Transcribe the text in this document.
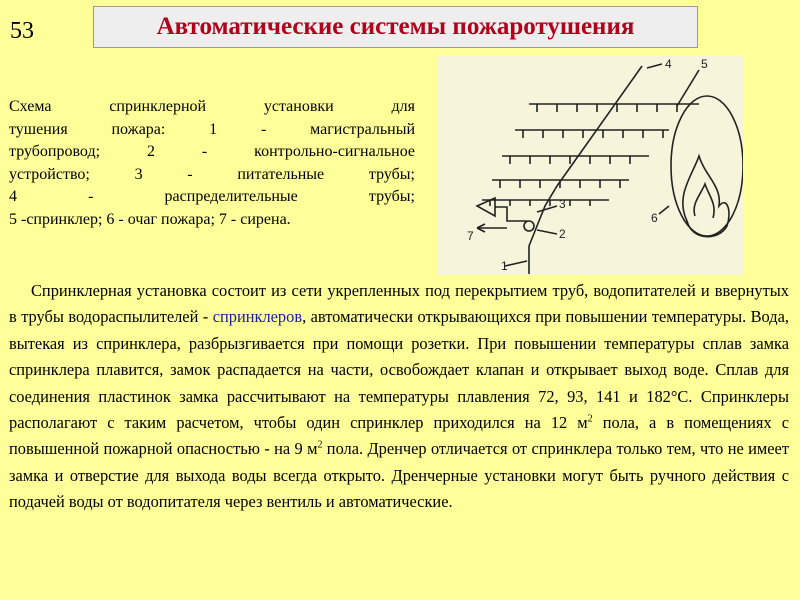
53	Автоматические системы пожаротушения
Схема спринклерной установки для
тушения пожара: 1 - магистральный
трубопровод; 2 - контрольно-сигнальное
устройство; 3 - питательные трубы;
4 - распределительные трубы;
5 -спринклер; 6 - очаг пожара; 7 - сирена.
1
2
3
4 5
6
7
Спринклерная установка состоит из сети укрепленных под перекрытием труб, водопитателей и ввернутых в трубы водораспылителей - спринклеров, автоматически открывающихся при повышении температуры. Вода, вытекая из спринклера, разбрызгивается при помощи розетки. При повышении температуры сплав замка спринклера плавится, замок распадается на части, освобождает клапан и открывает выход воде. Сплав для соединения пластинок замка рассчитывают на температуры плавления 72, 93, 141 и 182°С. Спринклеры располагают с таким расчетом, чтобы один спринклер приходился на 12 $м^2$ пола, а в помещениях с повышенной пожарной опасностью - на 9 $м^2$ пола. Дренчер отличается от спринклера только тем, что не имеет замка и отверстие для выхода воды всегда открыто. Дренчерные установки могут быть ручного действия с подачей воды от водопитателя через вентиль и автоматические.
